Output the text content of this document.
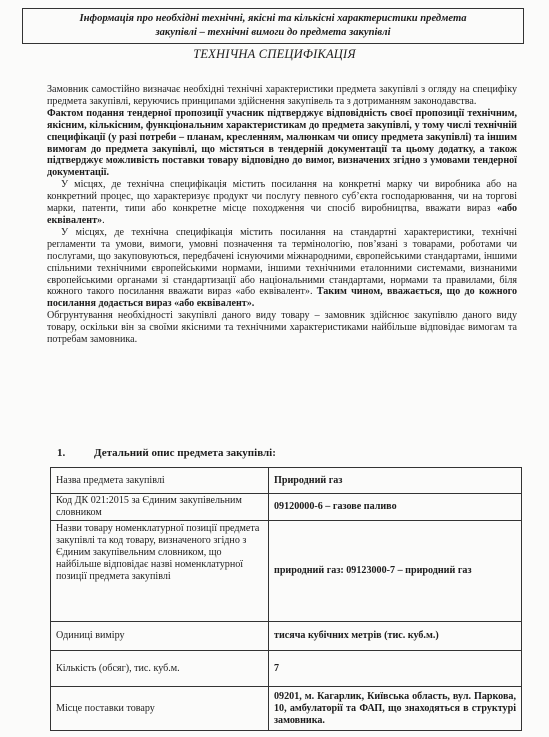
Інформація про необхідні технічні, якісні та кількісні характеристики предмета
закупівлі – технічні вимоги до предмета закупівлі
ТЕХНІЧНА СПЕЦИФІКАЦІЯ

Замовник самостійно визначає необхідні технічні характеристики предмета закупівлі з огляду на специфіку предмета закупівлі, керуючись принципами здійснення закупівель та з дотриманням законодавства.

Фактом подання тендерної пропозиції учасник підтверджує відповідність своєї пропозиції технічним, якісним, кількісним, функціональним характеристикам до предмета закупівлі, у тому числі технічній специфікації (у разі потреби – планам, кресленням, малюнкам чи опису предмета закупівлі) та іншим вимогам до предмета закупівлі, що містяться в тендерній документації та цьому додатку, а також підтверджує можливість поставки товару відповідно до вимог, визначених згідно з умовами тендерної документації.

У місцях, де технічна специфікація містить посилання на конкретні марку чи виробника або на конкретний процес, що характеризує продукт чи послугу певного суб’єкта господарювання, чи на торгові марки, патенти, типи або конкретне місце походження чи спосіб виробництва, вважати вираз «або еквівалент».

У місцях, де технічна специфікація містить посилання на стандартні характеристики, технічні регламенти та умови, вимоги, умовні позначення та термінологію, пов’язані з товарами, роботами чи послугами, що закуповуються, передбачені існуючими міжнародними, європейськими стандартами, іншими спільними технічними європейськими нормами, іншими технічними еталонними системами, визнаними європейськими органами зі стандартизації або національними стандартами, нормами та правилами, біля кожного такого посилання вважати вираз «або еквівалент». Таким чином, вважається, що до кожного посилання додається вираз «або еквівалент».

Обгрунтування необхідності закупівлі даного виду товару – замовник здійснює закупівлю даного виду товару, оскільки він за своїми якісними та технічними характеристиками найбільше відповідає вимогам та потребам замовника.

1.	Детальний опис предмета закупівлі:
Назва предмета закупівлі	Природний газ
Код ДК 021:2015 за Єдиним закупівельним словником	09120000-6 – газове паливо
Назви товару номенклатурної позиції предмета закупівлі та код товару, визначеного згідно з Єдиним закупівельним словником, що найбільше відповідає назві номенклатурної позиції предмета закупівлі	природний газ: 09123000-7 – природний газ
Одиниці виміру	тисяча кубічних метрів (тис. куб.м.)
Кількість (обсяг), тис. куб.м.	7
Місце поставки товару	09201, м. Кагарлик, Київська область, вул. Паркова, 10, амбулаторії та ФАП, що знаходяться в структурі замовника.
